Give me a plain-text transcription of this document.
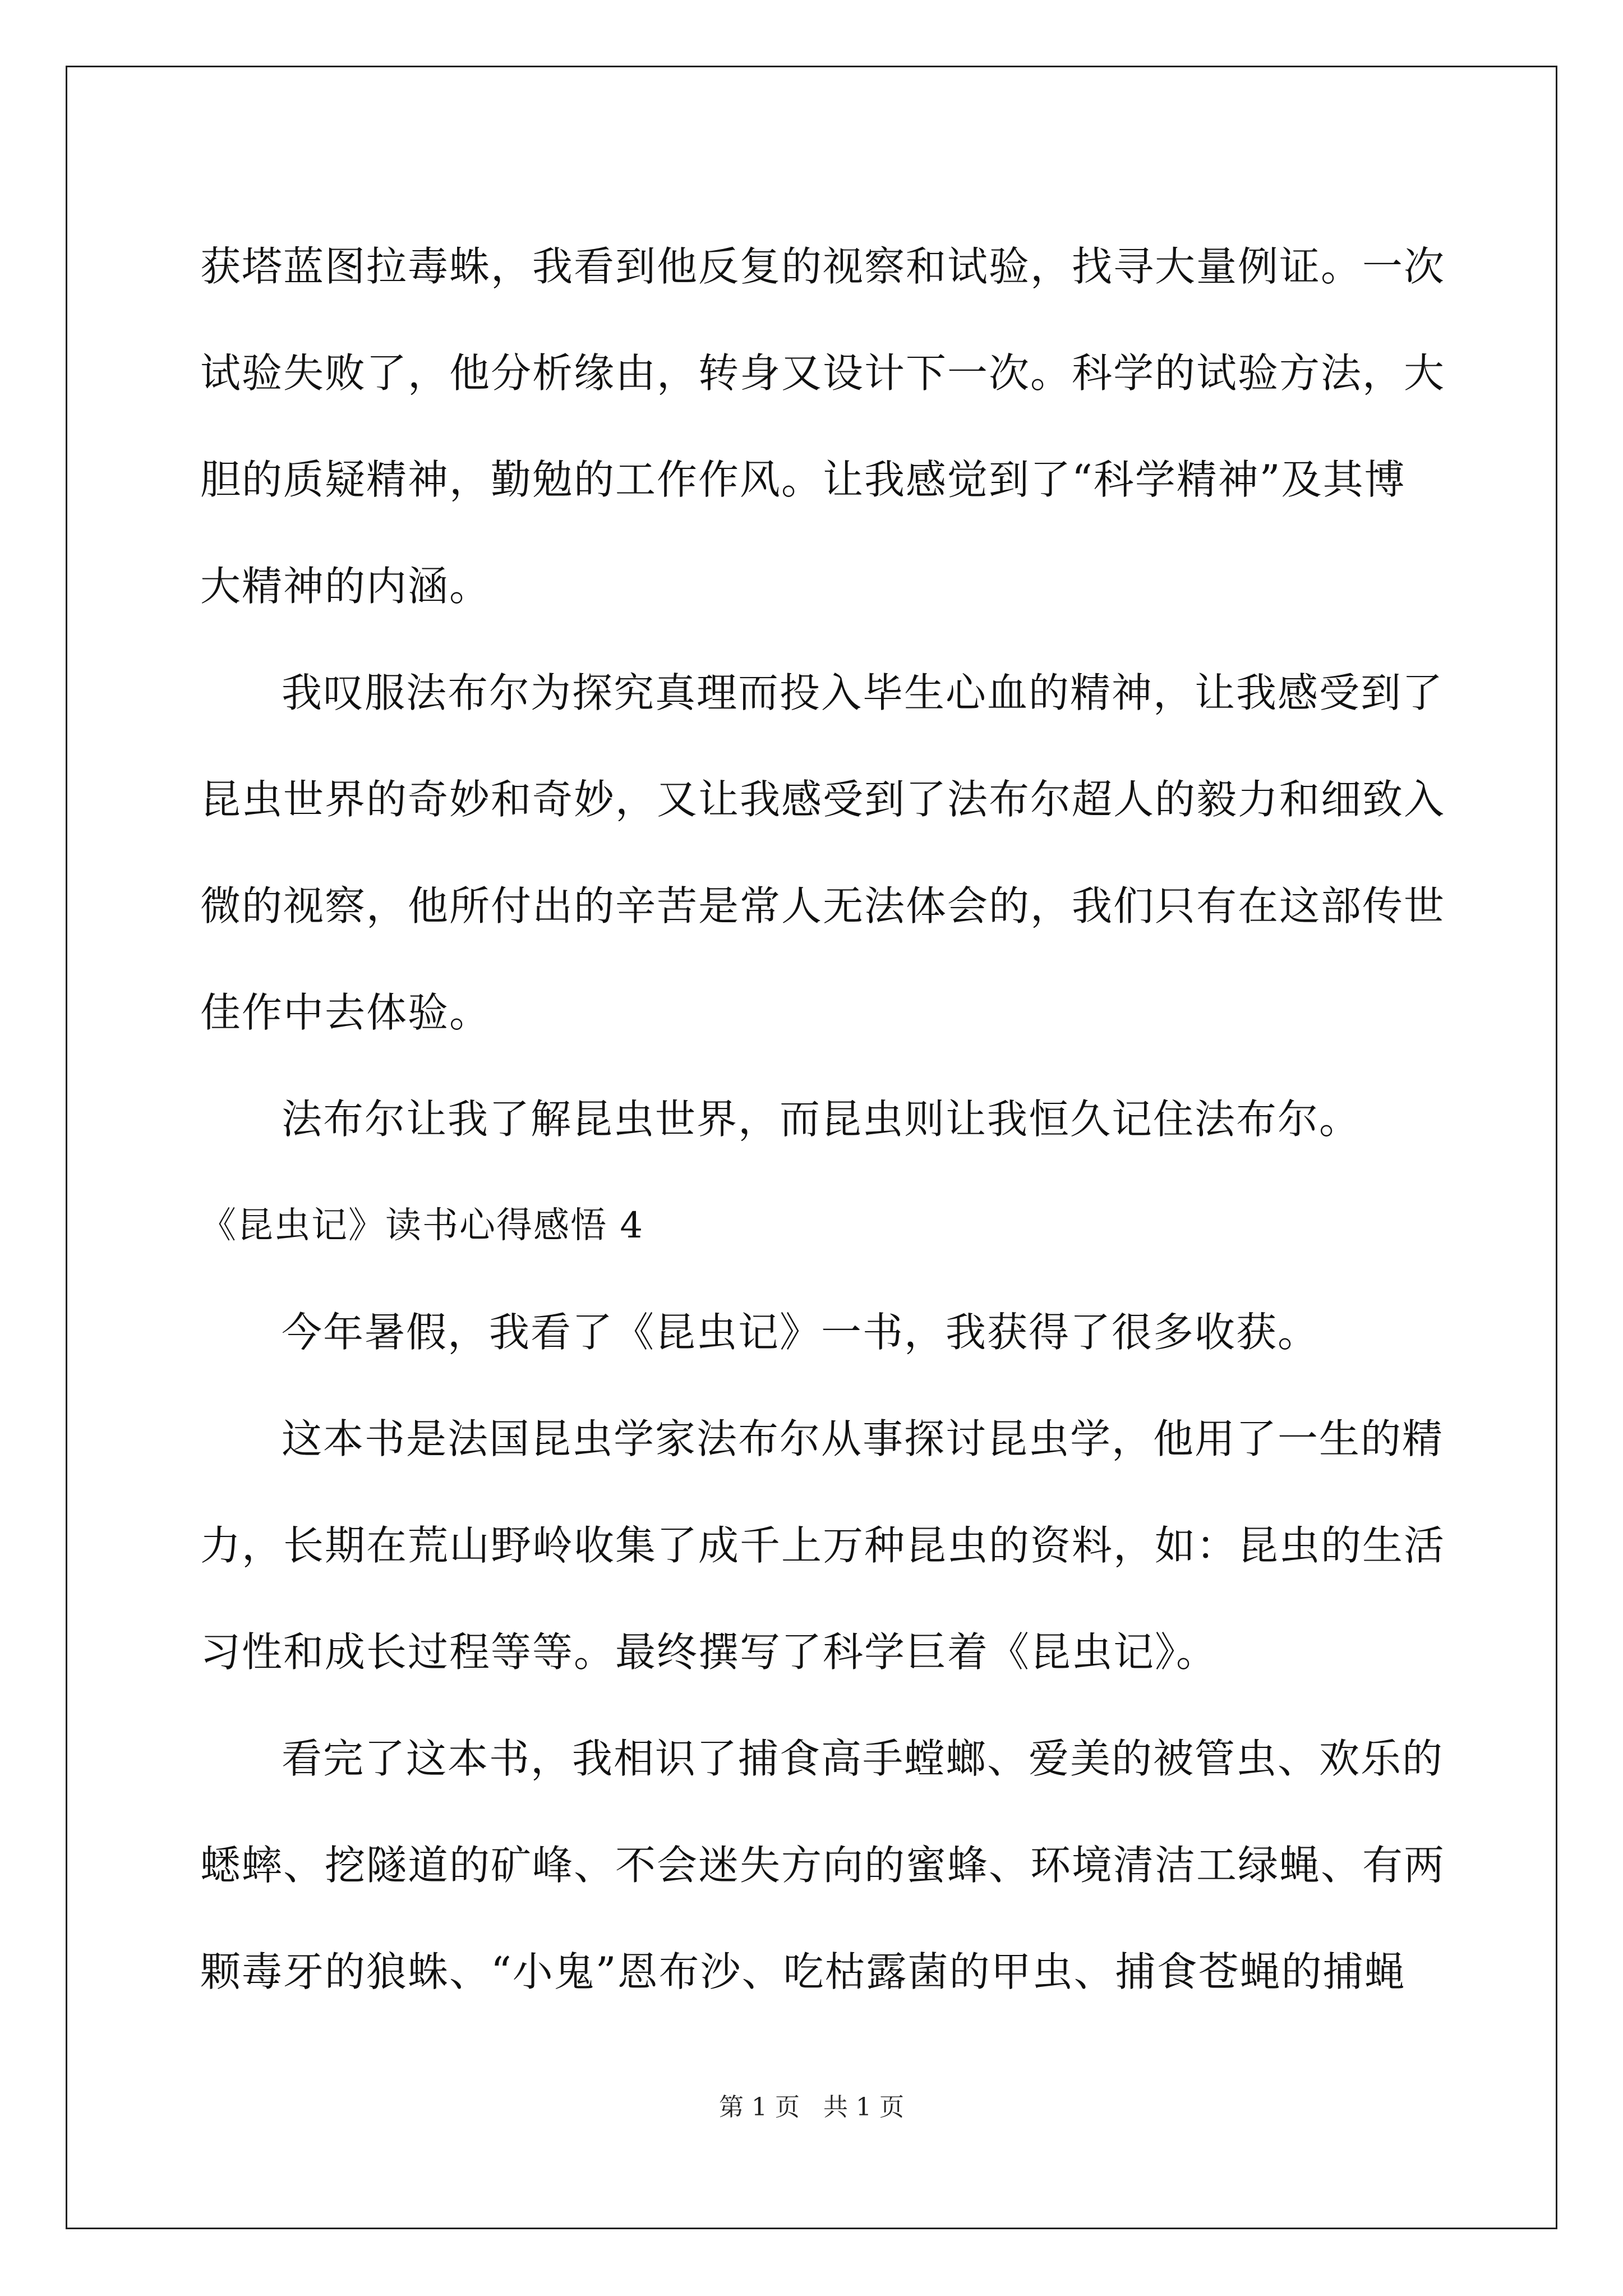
获塔蓝图拉毒蛛，我看到他反复的视察和试验，找寻大量例证。一次
试验失败了，他分析缘由，转身又设计下一次。科学的试验方法，大
胆的质疑精神，勤勉的工作作风。让我感觉到了“科学精神”及其博
大精神的内涵。
我叹服法布尔为探究真理而投入毕生心血的精神，让我感受到了
昆虫世界的奇妙和奇妙，又让我感受到了法布尔超人的毅力和细致入
微的视察，他所付出的辛苦是常人无法体会的，我们只有在这部传世
佳作中去体验。
法布尔让我了解昆虫世界，而昆虫则让我恒久记住法布尔。
《昆虫记》读书心得感悟 4
今年暑假，我看了《昆虫记》一书，我获得了很多收获。
这本书是法国昆虫学家法布尔从事探讨昆虫学，他用了一生的精
力，长期在荒山野岭收集了成千上万种昆虫的资料，如：昆虫的生活
习性和成长过程等等。最终撰写了科学巨着《昆虫记》。
看完了这本书，我相识了捕食高手螳螂、爱美的被管虫、欢乐的
蟋蟀、挖隧道的矿峰、不会迷失方向的蜜蜂、环境清洁工绿蝇、有两
颗毒牙的狼蛛、“小鬼”恩布沙、吃枯露菌的甲虫、捕食苍蝇的捕蝇
第 1 页   共 1 页
